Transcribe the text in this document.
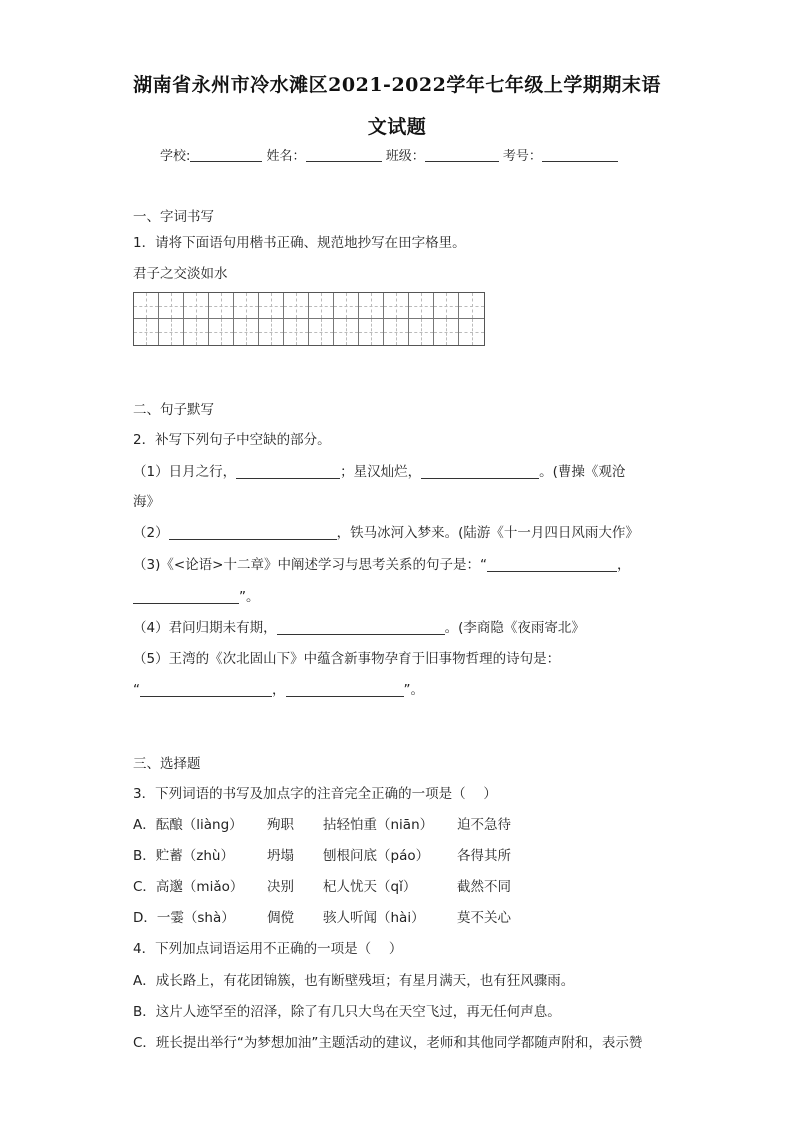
湖南省永州市冷水滩区2021-2022学年七年级上学期期末语
文试题
学校:	姓名：	班级：	考号：
一、字词书写
1．请将下面语句用楷书正确、规范地抄写在田字格里。
君子之交淡如水
二、句子默写
2．补写下列句子中空缺的部分。
（1）日月之行，	；星汉灿烂，	。(曹操《观沧
海》
（2）	，铁马冰河入梦来。(陆游《十一月四日风雨大作》
（3)《<论语>十二章》中阐述学习与思考关系的句子是：“	，
”。
（4）君问归期未有期，	。(李商隐《夜雨寄北》
（5）王湾的《次北固山下》中蕴含新事物孕育于旧事物哲理的诗句是：
“	，	”。
三、选择题
3．下列词语的书写及加点字的注音完全正确的一项是（　 ）
A．酝酿（liàng） 殉职 拈轻怕重（niān） 迫不急待
B．贮蓄（zhù） 坍塌 刨根问底（páo） 各得其所
C．高邈（miǎo） 决别 杞人忧天（qǐ）	截然不同
D．一霎（shà） 倜傥 骇人听闻（hài） 莫不关心
4．下列加点词语运用不正确的一项是（　 ）
A．成长路上，有花团锦簇，也有断壁残垣；有星月满天，也有狂风骤雨。
B．这片人迹罕至的沼泽，除了有几只大鸟在天空飞过，再无任何声息。
C．班长提出举行“为梦想加油”主题活动的建议，老师和其他同学都随声附和，表示赞
